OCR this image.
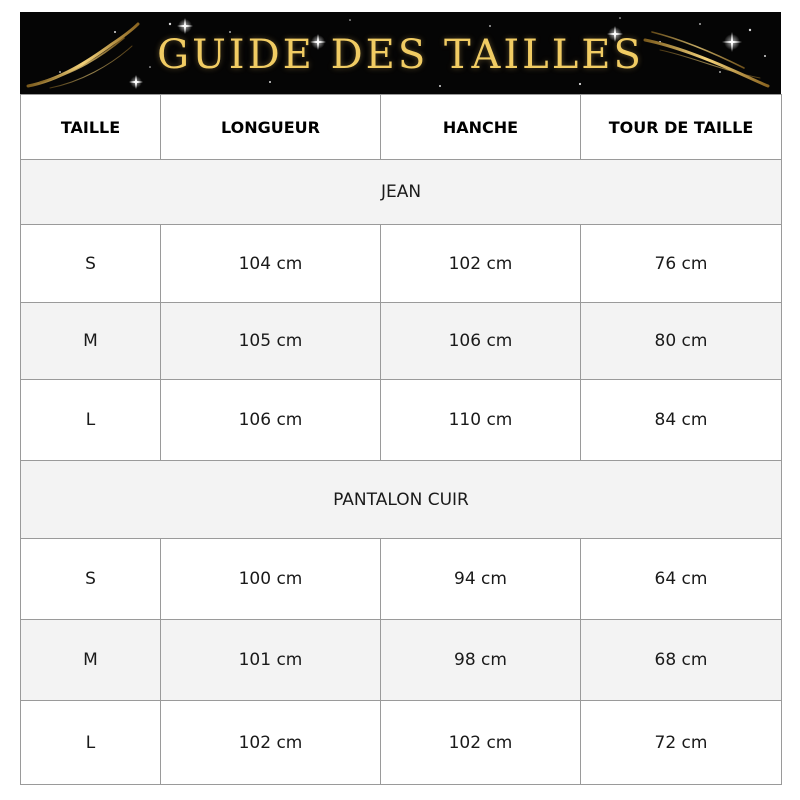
GUIDE DES TAILLES
TAILLE	LONGUEUR	HANCHE	TOUR DE TAILLE
JEAN			
S	104 cm	102 cm	76 cm
M	105 cm	106 cm	80 cm
L	106 cm	110 cm	84 cm
PANTALON CUIR			
S	100 cm	94 cm	64 cm
M	101 cm	98 cm	68 cm
L	102 cm	102 cm	72 cm
